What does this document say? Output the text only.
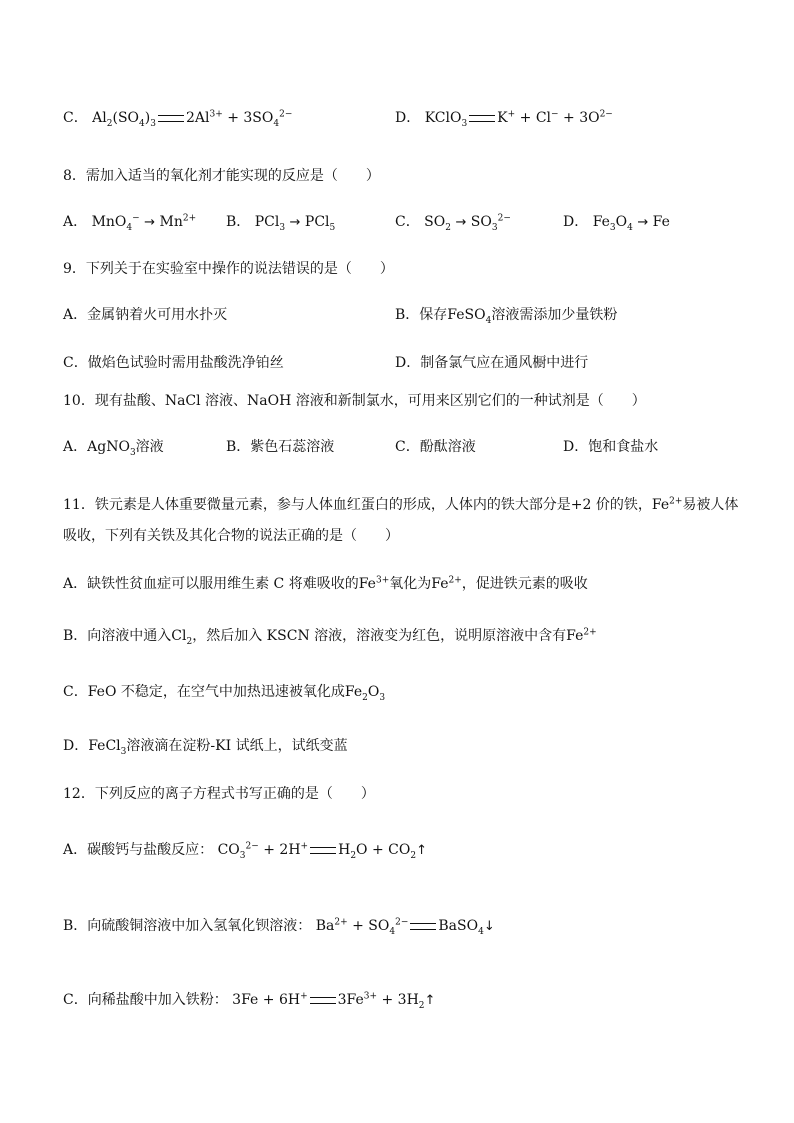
C． $Al_2(SO_4)_3$ $2Al^{3+} + 3SO_4^{2-}$	D． KClO$_3$ $K^+ + Cl^- + 3O^{2-}$
8．需加入适当的氧化剂才能实现的反应是（　　）
A． $MnO_4^- \to Mn^{2+}$ B． PCl$_3$ → PCl$_5$	C． $SO_2 \to SO_3^{2-}$	D． $Fe_3O_4 \to Fe$
9．下列关于在实验室中操作的说法错误的是（　　）
A．金属钠着火可用水扑灭	B．保存FeSO$_4$溶液需添加少量铁粉
C．做焰色试验时需用盐酸洗净铂丝	D．制备氯气应在通风橱中进行
10．现有盐酸、NaCl 溶液、NaOH 溶液和新制氯水，可用来区别它们的一种试剂是（　　）
A．AgNO$_3$溶液	B．紫色石蕊溶液	C．酚酞溶液	D．饱和食盐水
11．铁元素是人体重要微量元素，参与人体血红蛋白的形成，人体内的铁大部分是+2 价的铁，$Fe^{2+}$易被人体
吸收，下列有关铁及其化合物的说法正确的是（　　）
A．缺铁性贫血症可以服用维生素 C 将难吸收的$Fe^{3+}$氧化为$Fe^{2+}$，促进铁元素的吸收
B．向溶液中通入$Cl_2$，然后加入 KSCN 溶液，溶液变为红色，说明原溶液中含有$Fe^{2+}$
C．FeO 不稳定，在空气中加热迅速被氧化成$Fe_2O_3$
D．FeCl$_3$溶液滴在淀粉-KI 试纸上，试纸变蓝
12．下列反应的离子方程式书写正确的是（　　）
A．碳酸钙与盐酸反应： $CO_3^{2-} + 2H^+$ $H_2O$ + $CO_2↑$
B．向硫酸铜溶液中加入氢氧化钡溶液： $Ba^{2+} + SO_4^{2-}$ BaSO$_4$↓
C．向稀盐酸中加入铁粉： 3Fe + 6H+ $3Fe^{3+}$ + $3H_2↑$
